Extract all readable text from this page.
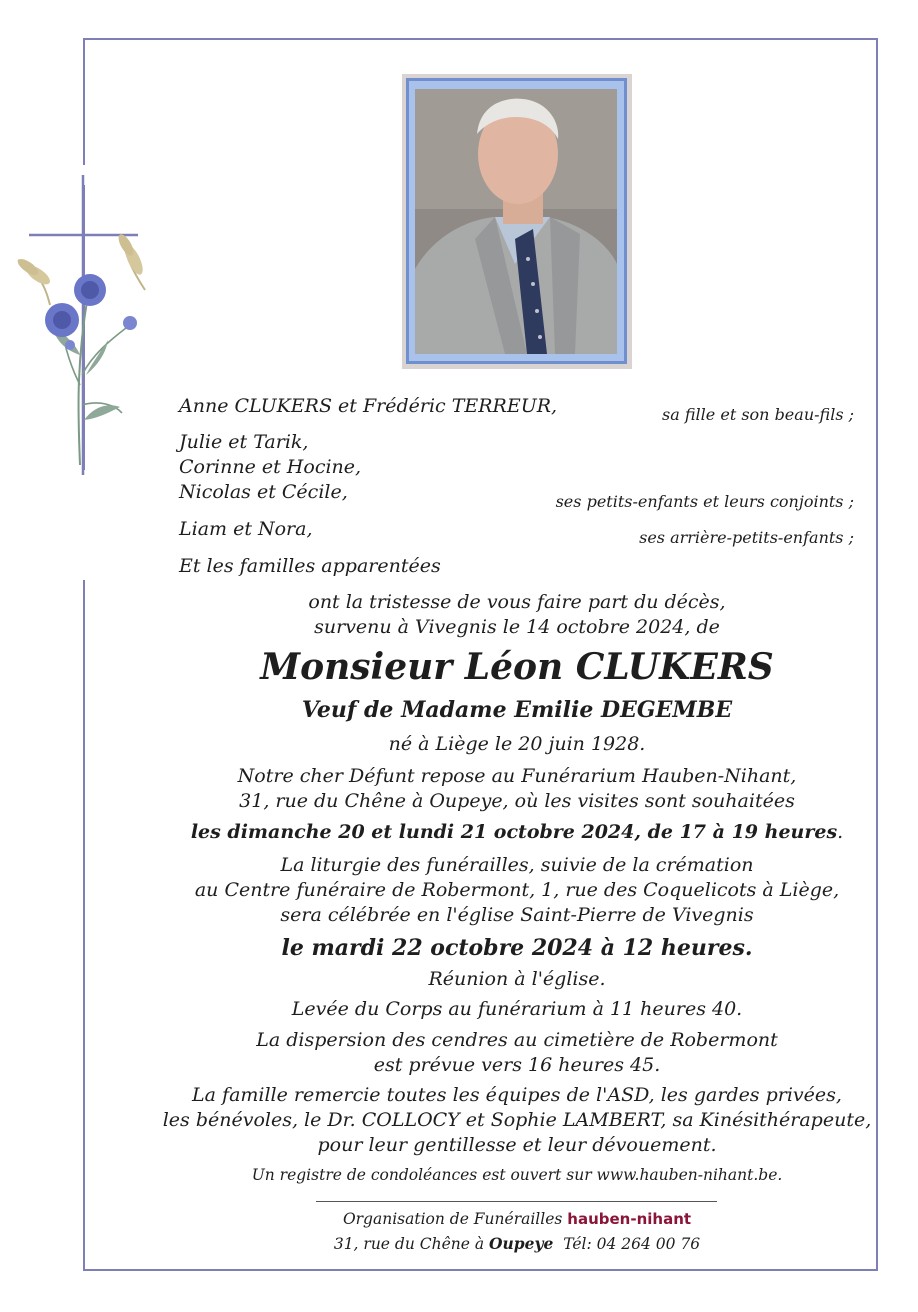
Anne CLUKERS et Frédéric TERREUR,	sa fille et son beau-fils ;
Julie et Tarik,
Corinne et Hocine,
Nicolas et Cécile,	ses petits-enfants et leurs conjoints ;
Liam et Nora,	ses arrière-petits-enfants ;
Et les familles apparentées
ont la tristesse de vous faire part du décès,
survenu à Vivegnis le 14 octobre 2024, de
Monsieur Léon CLUKERS
Veuf de Madame Emilie DEGEMBE
né à Liège le 20 juin 1928.
Notre cher Défunt repose au Funérarium Hauben-Nihant,
31, rue du Chêne à Oupeye, où les visites sont souhaitées
les dimanche 20 et lundi 21 octobre 2024, de 17 à 19 heures.
La liturgie des funérailles, suivie de la crémation
au Centre funéraire de Robermont, 1, rue des Coquelicots à Liège,
sera célébrée en l'église Saint-Pierre de Vivegnis
le mardi 22 octobre 2024 à 12 heures.
Réunion à l'église.
Levée du Corps au funérarium à 11 heures 40.
La dispersion des cendres au cimetière de Robermont
est prévue vers 16 heures 45.
La famille remercie toutes les équipes de l'ASD, les gardes privées,
les bénévoles, le Dr. COLLOCY et Sophie LAMBERT, sa Kinésithérapeute,
pour leur gentillesse et leur dévouement.
Un registre de condoléances est ouvert sur www.hauben-nihant.be.
Organisation de Funérailles hauben-nihant
31, rue du Chêne à Oupeye Tél: 04 264 00 76
